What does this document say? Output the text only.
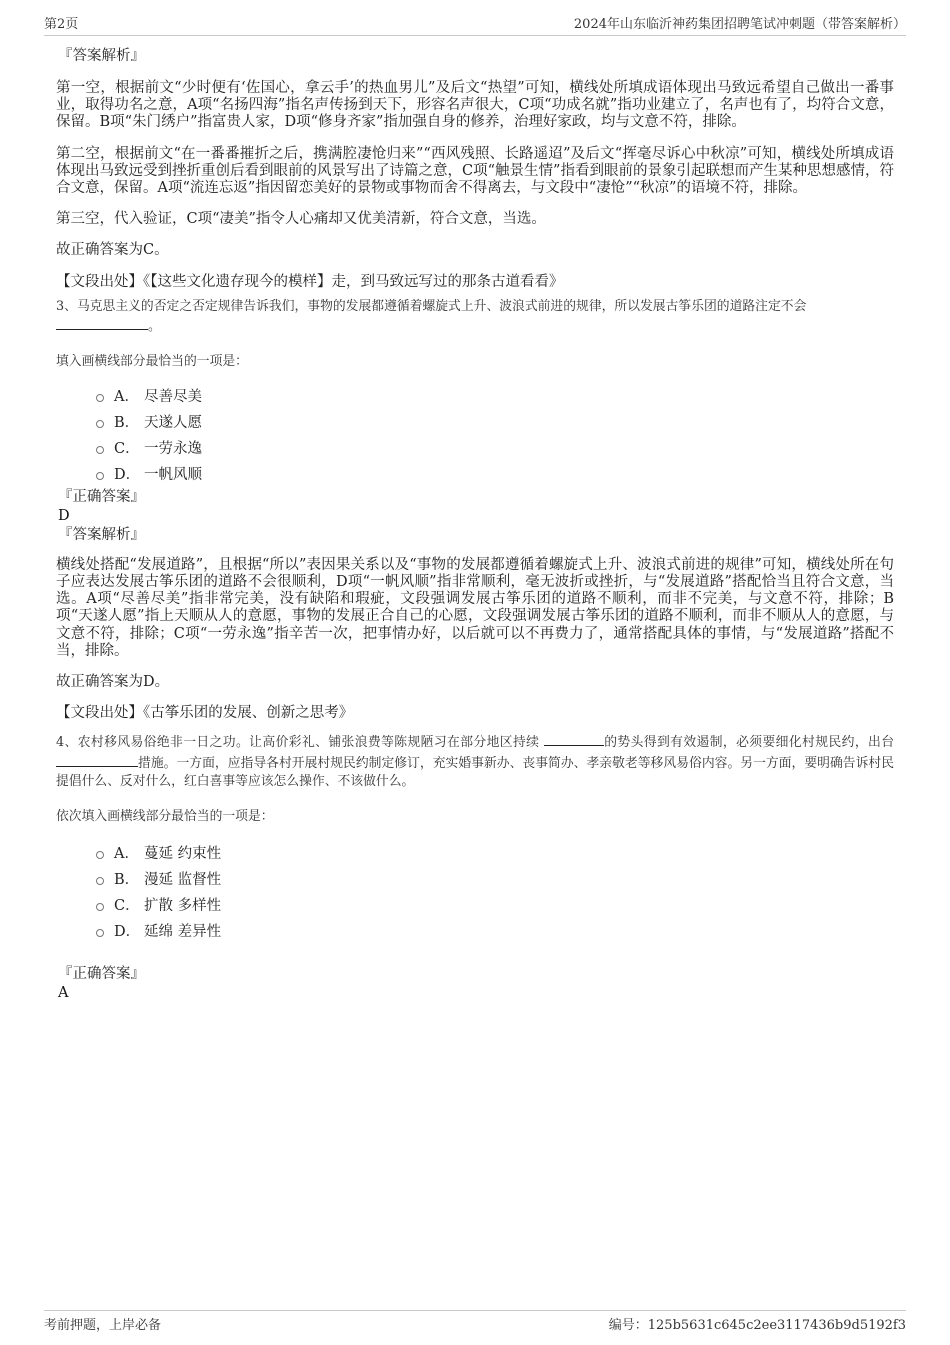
第2页	2024年山东临沂神药集团招聘笔试冲刺题（带答案解析）
『答案解析』

第一空，根据前文“少时便有‘佐国心，拿云手’的热血男儿”及后文“热望”可知，横线处所填成语体现出马致远希望自己做出一番事业，取得功名之意，A项“名扬四海”指名声传扬到天下，形容名声很大，C项“功成名就”指功业建立了，名声也有了，均符合文意，保留。B项“朱门绣户”指富贵人家，D项“修身齐家”指加强自身的修养，治理好家政，均与文意不符，排除。

第二空，根据前文“在一番番摧折之后，携满腔凄怆归来”“西风残照、长路遥迢”及后文“挥毫尽诉心中秋凉”可知，横线处所填成语体现出马致远受到挫折重创后看到眼前的风景写出了诗篇之意，C项“触景生情”指看到眼前的景象引起联想而产生某种思想感情，符合文意，保留。A项“流连忘返”指因留恋美好的景物或事物而舍不得离去，与文段中“凄怆”“秋凉”的语境不符，排除。

第三空，代入验证，C项“凄美”指令人心痛却又优美清新，符合文意，当选。

故正确答案为C。

【文段出处】《【这些文化遗存现今的模样】走，到马致远写过的那条古道看看》

3、马克思主义的否定之否定规律告诉我们，事物的发展都遵循着螺旋式上升、波浪式前进的规律，所以发展古筝乐团的道路注定不会
。

填入画横线部分最恰当的一项是：
A． 尽善尽美
B． 天遂人愿
C． 一劳永逸
D． 一帆风顺
『正确答案』
D
『答案解析』

横线处搭配“发展道路”，且根据“所以”表因果关系以及“事物的发展都遵循着螺旋式上升、波浪式前进的规律”可知，横线处所在句子应表达发展古筝乐团的道路不会很顺利，D项“一帆风顺”指非常顺利，毫无波折或挫折，与“发展道路”搭配恰当且符合文意，当选。A项“尽善尽美”指非常完美，没有缺陷和瑕疵，文段强调发展古筝乐团的道路不顺利，而非不完美，与文意不符，排除；B项“天遂人愿”指上天顺从人的意愿，事物的发展正合自己的心愿，文段强调发展古筝乐团的道路不顺利，而非不顺从人的意愿，与文意不符，排除；C项“一劳永逸”指辛苦一次，把事情办好，以后就可以不再费力了，通常搭配具体的事情，与“发展道路”搭配不当，排除。

故正确答案为D。

【文段出处】《古筝乐团的发展、创新之思考》

4、农村移风易俗绝非一日之功。让高价彩礼、铺张浪费等陈规陋习在部分地区持续	的势头得到有效遏制，必须要细化村规民约，出台 措施。一方面，应指导各村开展村规民约制定修订，充实婚事新办、丧事简办、孝亲敬老等移风易俗内容。另一方面，要明确告诉村民提倡什么、反对什么，红白喜事等应该怎么操作、不该做什么。

依次填入画横线部分最恰当的一项是：
A． 蔓延 约束性
B． 漫延 监督性
C． 扩散 多样性
D． 延绵 差异性
『正确答案』
A
考前押题，上岸必备	编号：125b5631c645c2ee3117436b9d5192f3
